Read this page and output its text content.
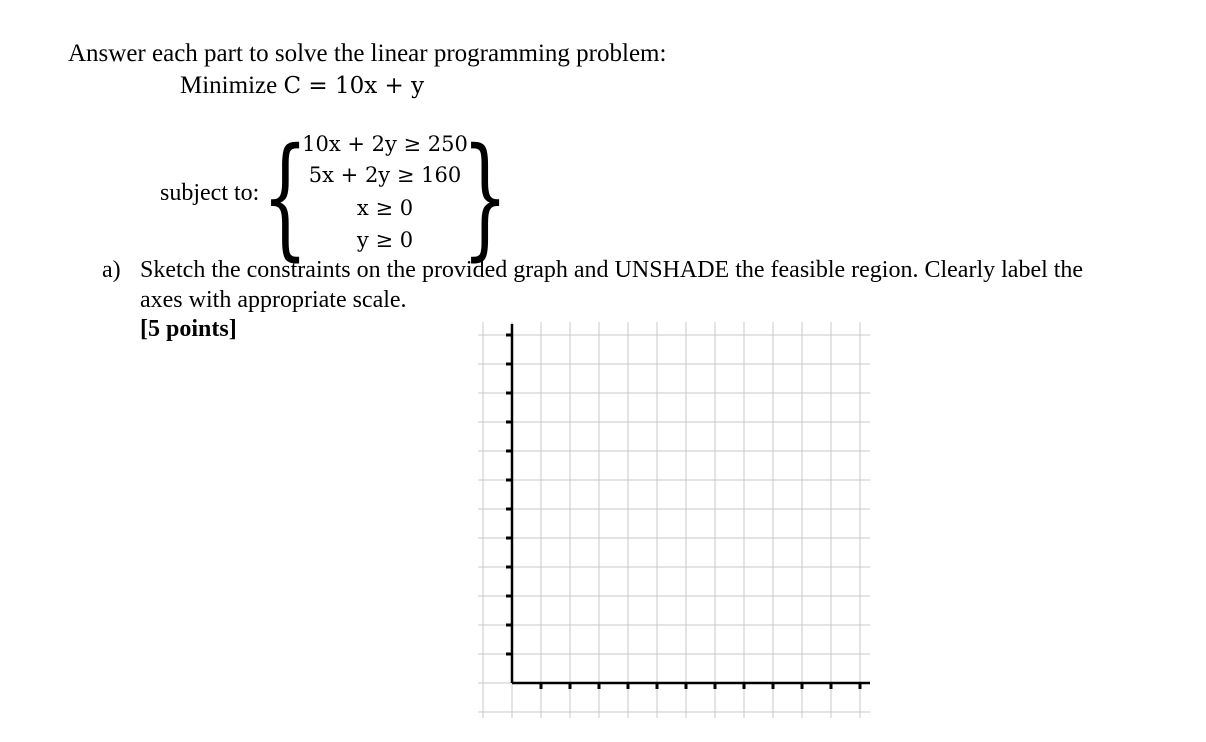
Answer each part to solve the linear programming problem:
Minimize C = 10x + y
subject to: { }
10x + 2y ≥ 250
5x + 2y ≥ 160
x ≥ 0
y ≥ 0
a) Sketch the constraints on the provided graph and UNSHADE the feasible region. Clearly label the
axes with appropriate scale.
[5 points]
